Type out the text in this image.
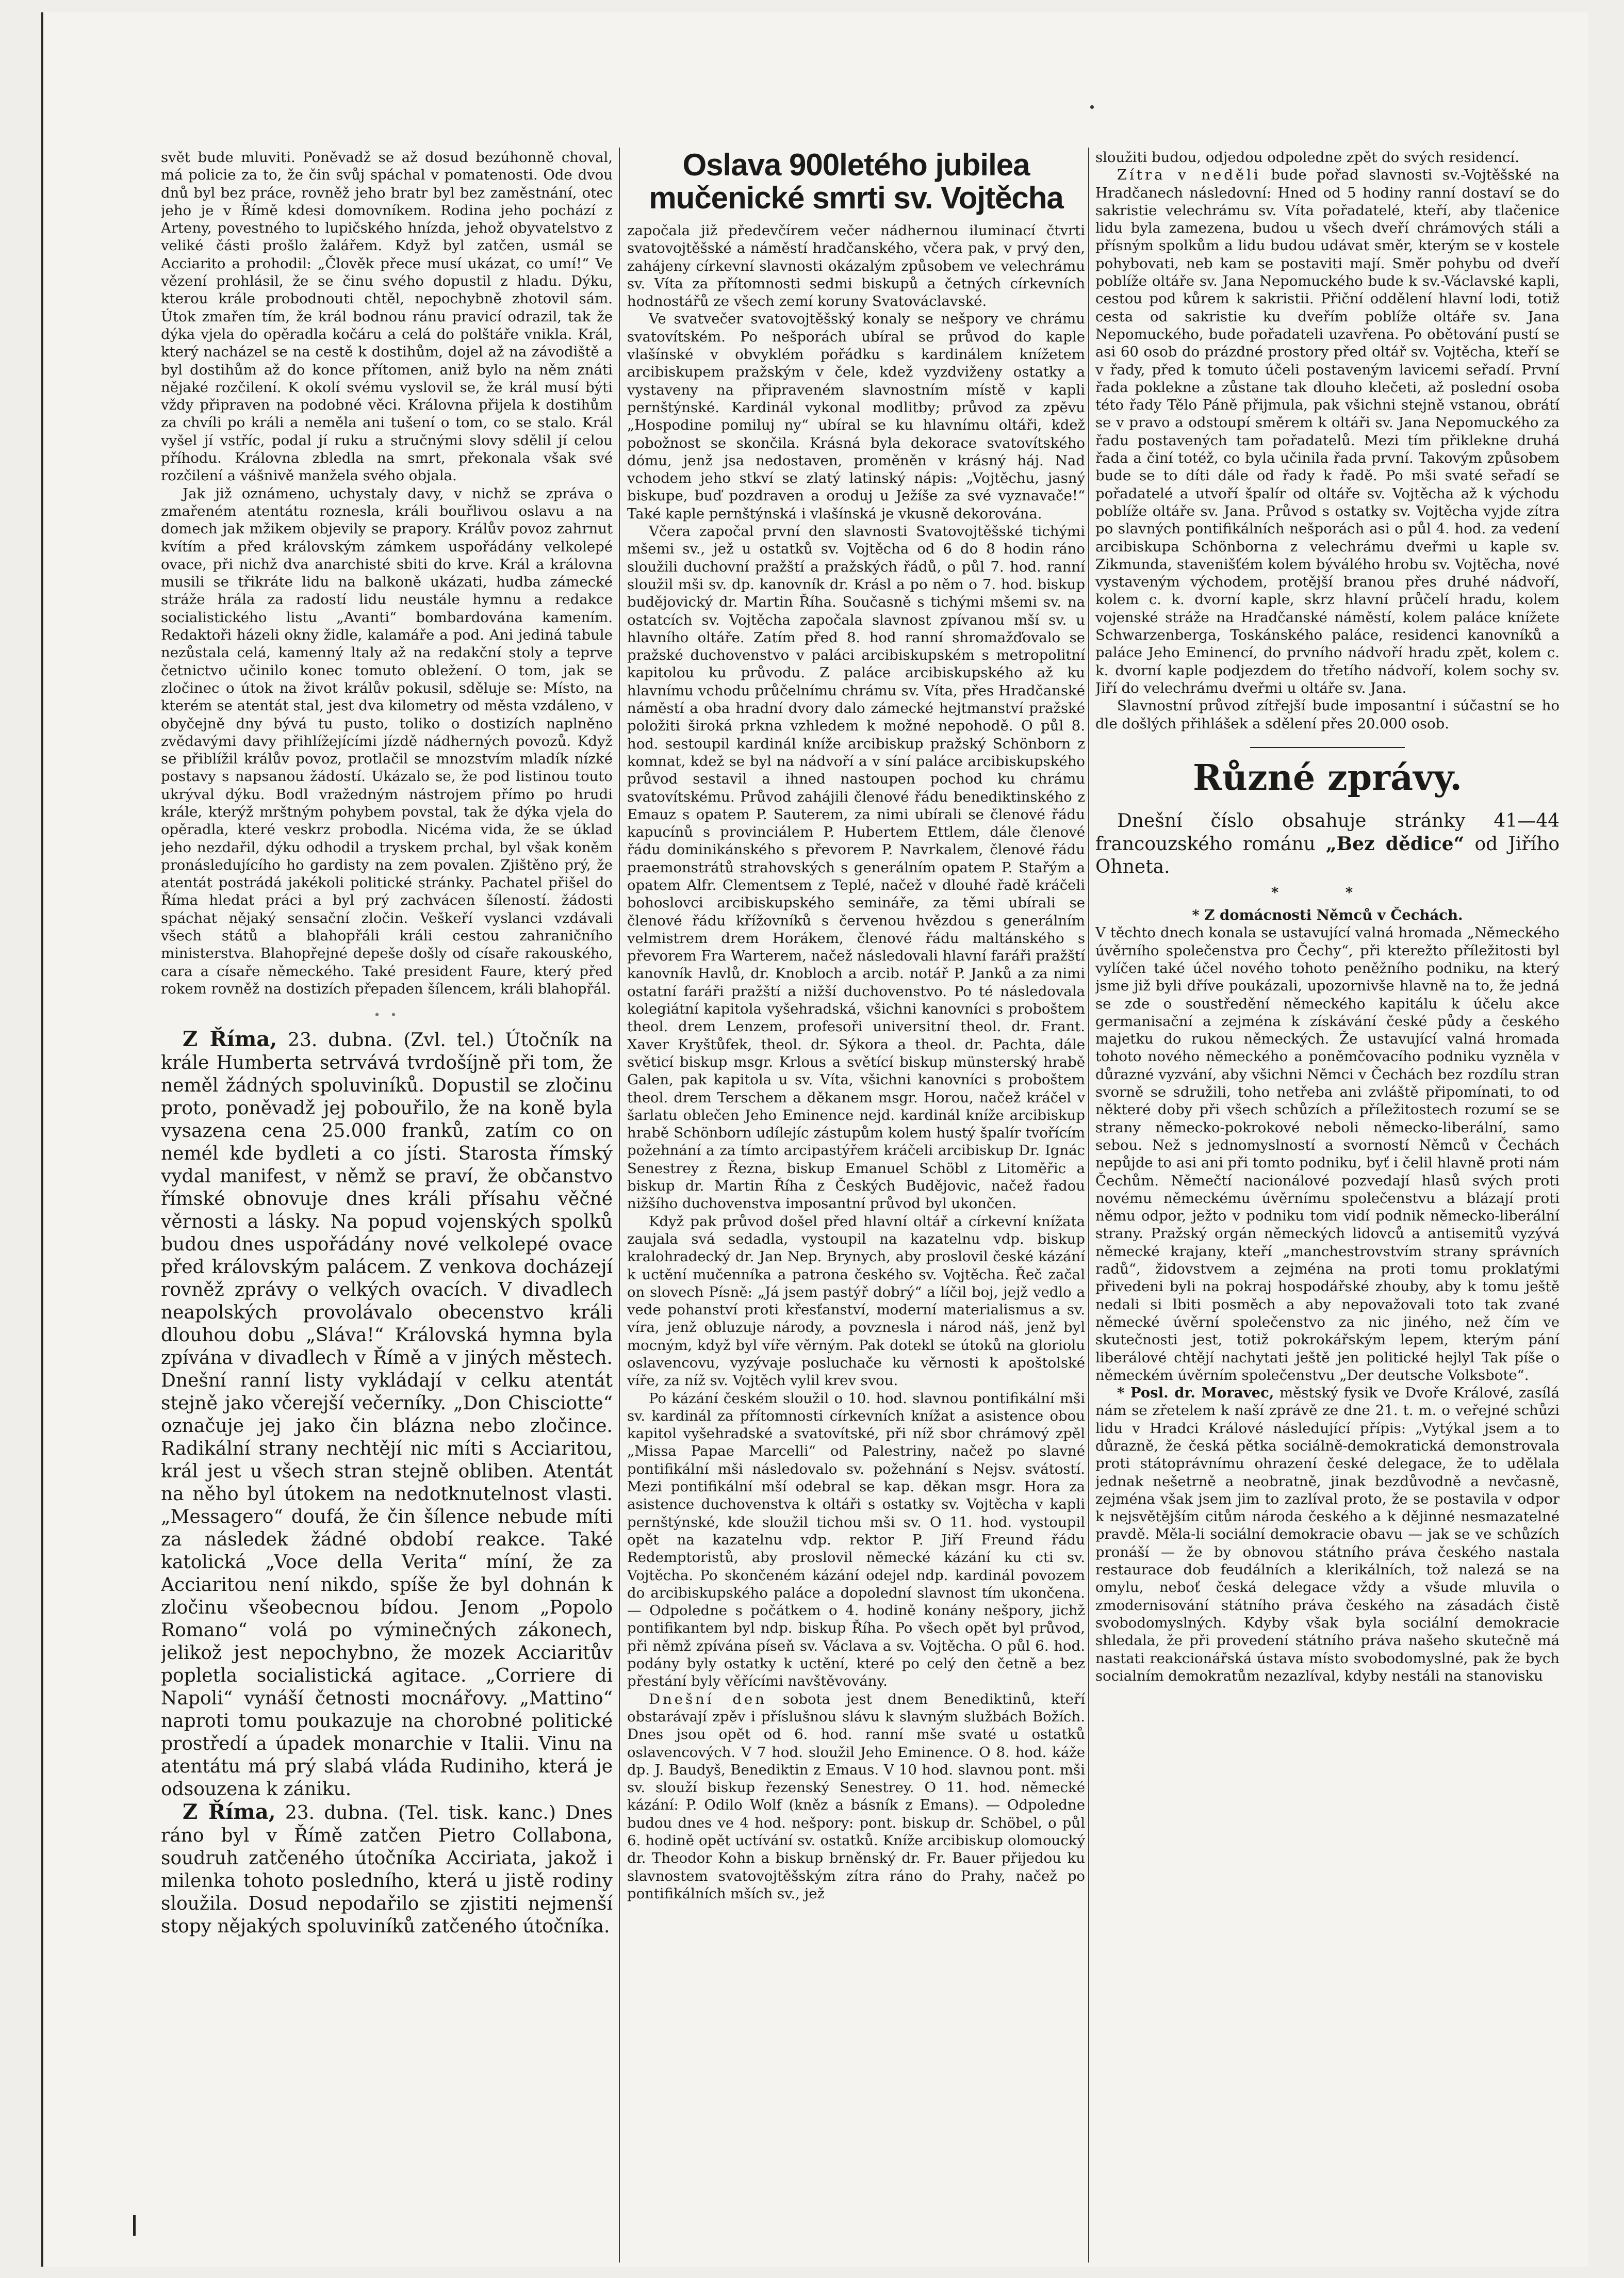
svět bude mluviti. Poněvadž se až dosud bezúhonně choval, má policie za to, že čin svůj spáchal v pomatenosti. Ode dvou dnů byl bez práce, rovněž jeho bratr byl bez zaměstnání, otec jeho je v Římě kdesi domovníkem. Rodina jeho pochází z Arteny, povestného to lupičského hnízda, jehož obyvatelstvo z veliké části prošlo žalářem. Když byl zatčen, usmál se Acciarito a prohodil: „Člověk přece musí ukázat, co umí!“ Ve vězení prohlásil, že se činu svého dopustil z hladu. Dýku, kterou krále probodnouti chtěl, nepochybně zhotovil sám. Útok zmařen tím, že král bodnou ránu pravicí odrazil, tak že dýka vjela do opěradla kočáru a celá do polštáře vnikla. Král, který nacházel se na cestě k dostihům, dojel až na závodiště a byl dostihům až do konce přítomen, aniž bylo na něm znáti nějaké rozčilení. K okolí svému vyslovil se, že král musí býti vždy připraven na podobné věci. Královna přijela k dostihům za chvíli po králi a neměla ani tušení o tom, co se stalo. Král vyšel jí vstříc, podal jí ruku a stručnými slovy sdělil jí celou příhodu. Královna zbledla na smrt, překonala však své rozčilení a vášnivě manžela svého objala.

Jak již oznámeno, uchystaly davy, v nichž se zpráva o zmařeném atentátu roznesla, králi bouřlivou oslavu a na domech jak mžikem objevily se prapory. Králův povoz zahrnut kvítím a před královským zámkem uspořádány velkolepé ovace, při nichž dva anarchisté sbiti do krve. Král a královna musili se třikráte lidu na balkoně ukázati, hudba zámecké stráže hrála za radostí lidu neustále hymnu a redakce socialistického listu „Avanti“ bombardována kamením. Redaktoři házeli okny židle, kalamáře a pod. Ani jediná tabule nezůstala celá, kamenný ltaly až na redakční stoly a teprve četnictvo učinilo konec tomuto obležení. O tom, jak se zločinec o útok na život králův pokusil, sděluje se: Místo, na kterém se atentát stal, jest dva kilometry od města vzdáleno, v obyčejně dny bývá tu pusto, toliko o dostizích naplněno zvědavými davy přihlížejícími jízdě nádherných povozů. Když se přiblížil králův povoz, protlačil se mnozstvím mladík nízké postavy s napsanou žádostí. Ukázalo se, že pod listinou touto ukrýval dýku. Bodl vražedným nástrojem přímo po hrudi krále, kterýž mrštným pohybem povstal, tak že dýka vjela do opěradla, které veskrz probodla. Nicéma vida, že se úklad jeho nezdařil, dýku odhodil a tryskem prchal, byl však koněm pronásledujícího ho gardisty na zem povalen. Zjištěno prý, že atentát postrádá jakékoli politické stránky. Pachatel přišel do Říma hledat práci a byl prý zachvácen šíleností. žádosti spáchat nějaký sensační zločin. Veškeří vyslanci vzdávali všech států a blahopřáli králi cestou zahraničního ministerstva. Blahopřejné depeše došly od císaře rakouského, cara a císaře německého. Také president Faure, který před rokem rovněž na dostizích přepaden šílencem, králi blahopřál.

• •

Z Říma, 23. dubna. (Zvl. tel.) Útočník na krále Humberta setrvává tvrdošíjně při tom, že neměl žádných spoluviníků. Dopustil se zločinu proto, poněvadž jej pobouřilo, že na koně byla vysazena cena 25.000 franků, zatím co on nemél kde bydleti a co jísti. Starosta římský vydal manifest, v němž se praví, že občanstvo římské obnovuje dnes králi přísahu věčné věrnosti a lásky. Na popud vojenských spolků budou dnes uspořádány nové velkolepé ovace před královským palácem. Z venkova docházejí rovněž zprávy o velkých ovacích. V divadlech neapolských provolávalo obecenstvo králi dlouhou dobu „Sláva!“ Královská hymna byla zpívána v divadlech v Římě a v jiných městech. Dnešní ranní listy vykládají v celku atentát stejně jako včerejší večerníky. „Don Chisciotte“ označuje jej jako čin blázna nebo zločince. Radikální strany nechtějí nic míti s Acciaritou, král jest u všech stran stejně obliben. Atentát na něho byl útokem na nedotknutelnost vlasti. „Messagero“ doufá, že čin šílence nebude míti za následek žádné období reakce. Také katolická „Voce della Verita“ míní, že za Acciaritou není nikdo, spíše že byl dohnán k zločinu všeobecnou bídou. Jenom „Popolo Romano“ volá po výminečných zákonech, jelikož jest nepochybno, že mozek Acciaritův popletla socialistická agitace. „Corriere di Napoli“ vynáší četnosti mocnářovy. „Mattino“ naproti tomu poukazuje na chorobné politické prostředí a úpadek monarchie v Italii. Vinu na atentátu má prý slabá vláda Rudiniho, která je odsouzena k zániku.

Z Říma, 23. dubna. (Tel. tisk. kanc.) Dnes ráno byl v Římě zatčen Pietro Collabona, soudruh zatčeného útočníka Acciriata, jakož i milenka tohoto posledního, která u jistě rodiny sloužila. Dosud nepodařilo se zjistiti nejmenší stopy nějakých spoluviníků zatčeného útočníka.

Oslava 900letého jubilea mučenické smrti sv. Vojtěcha

započala již předevčírem večer nádhernou iluminací čtvrti svatovojtěšské a náměstí hradčanského, včera pak, v prvý den, zahájeny církevní slavnosti okázalým způsobem ve velechrámu sv. Víta za přítomnosti sedmi biskupů a četných církevních hodnostářů ze všech zemí koruny Svatováclavské.

Ve svatvečer svatovojtěšský konaly se nešpory ve chrámu svatovítském. Po nešporách ubíral se průvod do kaple vlašínské v obvyklém pořádku s kardinálem knížetem arcibiskupem pražským v čele, kdež vyzdviženy ostatky a vystaveny na připraveném slavnostním místě v kapli pernštýnské. Kardinál vykonal modlitby; průvod za zpěvu „Hospodine pomiluj ny“ ubíral se ku hlavnímu oltáři, kdež pobožnost se skončila. Krásná byla dekorace svatovítského dómu, jenž jsa nedostaven, proměněn v krásný háj. Nad vchodem jeho stkví se zlatý latinský nápis: „Vojtěchu, jasný biskupe, buď pozdraven a oroduj u Ježíše za své vyznavače!“ Také kaple pernštýnská i vlašínská je vkusně dekorována.

Včera započal první den slavnosti Svatovojtěšské tichými mšemi sv., jež u ostatků sv. Vojtěcha od 6 do 8 hodin ráno sloužili duchovní pražští a pražských řádů, o půl 7. hod. ranní sloužil mši sv. dp. kanovník dr. Krásl a po něm o 7. hod. biskup budějovický dr. Martin Říha. Současně s tichými mšemi sv. na ostatcích sv. Vojtěcha započala slavnost zpívanou mší sv. u hlavního oltáře. Zatím před 8. hod ranní shromažďovalo se pražské duchovenstvo v paláci arcibiskupském s metropolitní kapitolou ku průvodu. Z paláce arcibiskupského až ku hlavnímu vchodu průčelnímu chrámu sv. Víta, přes Hradčanské náměstí a oba hradní dvory dalo zámecké hejtmanství pražské položiti široká prkna vzhledem k možné nepohodě. O půl 8. hod. sestoupil kardinál kníže arcibiskup pražský Schönborn z komnat, kdež se byl na nádvoří a v síní paláce arcibiskupského průvod sestavil a ihned nastoupen pochod ku chrámu svatovítskému. Průvod zahájili členové řádu benediktinského z Emauz s opatem P. Sauterem, za nimi ubírali se členové řádu kapucínů s provinciálem P. Hubertem Ettlem, dále členové řádu dominikánského s převorem P. Navrkalem, členové řádu praemonstrátů strahovských s generálním opatem P. Stařým a opatem Alfr. Clementsem z Teplé, načež v dlouhé řadě kráčeli bohoslovci arcibiskupského semináře, za těmi ubírali se členové řádu křížovníků s červenou hvězdou s generálním velmistrem drem Horákem, členové řádu maltánského s převorem Fra Warterem, načež následovali hlavní faráři pražští kanovník Havlů, dr. Knobloch a arcib. notář P. Janků a za nimi ostatní faráři pražští a nižší duchovenstvo. Po té následovala kolegiátní kapitola vyšehradská, všichni kanovníci s proboštem theol. drem Lenzem, profesoři universitní theol. dr. Frant. Xaver Kryštůfek, theol. dr. Sýkora a theol. dr. Pachta, dále světicí biskup msgr. Krlous a světící biskup münsterský hrabě Galen, pak kapitola u sv. Víta, všichni kanovníci s proboštem theol. drem Terschem a děkanem msgr. Horou, načež kráčel v šarlatu oblečen Jeho Eminence nejd. kardinál kníže arcibiskup hrabě Schönborn udílejíc zástupům kolem hustý špalír tvořícím požehnání a za tímto arcipastýřem kráčeli arcibiskup Dr. Ignác Senestrey z Řezna, biskup Emanuel Schöbl z Litoměřic a biskup dr. Martin Říha z Českých Budějovic, načež řadou nižšího duchovenstva imposantní průvod byl ukončen.

Když pak průvod došel před hlavní oltář a církevní knížata zaujala svá sedadla, vystoupil na kazatelnu vdp. biskup kralohradecký dr. Jan Nep. Brynych, aby proslovil české kázání k uctění mučenníka a patrona českého sv. Vojtěcha. Řeč začal on slovech Písně: „Já jsem pastýř dobrý“ a líčil boj, jejž vedlo a vede pohanství proti křesťanství, moderní materialismus a sv. víra, jenž obluzuje národy, a povznesla i národ náš, jenž byl mocným, když byl víře věrným. Pak dotekl se útoků na gloriolu oslavencovu, vyzývaje posluchače ku věrnosti k apoštolské víře, za níž sv. Vojtěch vylil krev svou.

Po kázání českém sloužil o 10. hod. slavnou pontifikální mši sv. kardinál za přítomnosti církevních knížat a asistence obou kapitol vyšehradské a svatovítské, při níž sbor chrámový zpěl „Missa Papae Marcelli“ od Palestriny, načež po slavné pontifikální mši následovalo sv. požehnání s Nejsv. svátostí. Mezi pontifikální mší odebral se kap. děkan msgr. Hora za asistence duchovenstva k oltáři s ostatky sv. Vojtěcha v kapli pernštýnské, kde sloužil tichou mši sv. O 11. hod. vystoupil opět na kazatelnu vdp. rektor P. Jiří Freund řádu Redemptoristů, aby proslovil německé kázání ku cti sv. Vojtěcha. Po skončeném kázání odejel ndp. kardinál povozem do arcibiskupského paláce a dopolední slavnost tím ukončena. — Odpoledne s počátkem o 4. hodině konány nešpory, jichž pontifikantem byl ndp. biskup Říha. Po všech opět byl průvod, při němž zpívána píseň sv. Václava a sv. Vojtěcha. O půl 6. hod. podány byly ostatky k uctění, které po celý den četně a bez přestání byly věřícími navštěvovány.

Dnešní den sobota jest dnem Benediktinů, kteří obstarávají zpěv i příslušnou slávu k slavným službách Božích. Dnes jsou opět od 6. hod. ranní mše svaté u ostatků oslavencových. V 7 hod. sloužil Jeho Eminence. O 8. hod. káže dp. J. Baudyš, Benediktin z Emaus. V 10 hod. slavnou pont. mši sv. slouží biskup řezenský Senestrey. O 11. hod. německé kázání: P. Odilo Wolf (kněz a básník z Emans). — Odpoledne budou dnes ve 4 hod. nešpory: pont. biskup dr. Schöbel, o půl 6. hodině opět uctívání sv. ostatků. Kníže arcibiskup olomoucký dr. Theodor Kohn a biskup brněnský dr. Fr. Bauer přijedou ku slavnostem svatovojtěšským zítra ráno do Prahy, načež po pontifikálních mších sv., jež

sloužiti budou, odjedou odpoledne zpět do svých residencí.

Zítra v neděli bude pořad slavnosti sv.-Vojtěšské na Hradčanech následovní: Hned od 5 hodiny ranní dostaví se do sakristie velechrámu sv. Víta pořadatelé, kteří, aby tlačenice lidu byla zamezena, budou u všech dveří chrámových stáli a přísným spolkům a lidu budou udávat směr, kterým se v kostele pohybovati, neb kam se postaviti mají. Směr pohybu od dveří poblíže oltáře sv. Jana Nepomuckého bude k sv.-Václavské kapli, cestou pod kůrem k sakristii. Přiční oddělení hlavní lodi, totiž cesta od sakristie ku dveřím poblíže oltáře sv. Jana Nepomuckého, bude pořadateli uzavřena. Po obětování pustí se asi 60 osob do prázdné prostory před oltář sv. Vojtěcha, kteří se v řady, před k tomuto účeli postaveným lavicemi seřadí. První řada poklekne a zůstane tak dlouho klečeti, až poslední osoba této řady Tělo Páně přijmula, pak všichni stejně vstanou, obrátí se v pravo a odstoupí směrem k oltáři sv. Jana Nepomuckého za řadu postavených tam pořadatelů. Mezi tím přiklekne druhá řada a činí totéž, co byla učinila řada první. Takovým způsobem bude se to díti dále od řady k řadě. Po mši svaté seřadí se pořadatelé a utvoří špalír od oltáře sv. Vojtěcha až k východu poblíže oltáře sv. Jana. Průvod s ostatky sv. Vojtěcha vyjde zítra po slavných pontifikálních nešporách asi o půl 4. hod. za vedení arcibiskupa Schönborna z velechrámu dveřmi u kaple sv. Zikmunda, stavenišťém kolem býválého hrobu sv. Vojtěcha, nové vystaveným východem, protější branou přes druhé nádvoří, kolem c. k. dvorní kaple, skrz hlavní průčelí hradu, kolem vojenské stráže na Hradčanské náměstí, kolem paláce knížete Schwarzenberga, Toskánského paláce, residenci kanovníků a paláce Jeho Eminencí, do prvního nádvoří hradu zpět, kolem c. k. dvorní kaple podjezdem do třetího nádvoří, kolem sochy sv. Jiří do velechrámu dveřmi u oltáře sv. Jana.

Slavnostní průvod zítřejší bude imposantní i súčastní se ho dle došlých přihlášek a sdělení přes 20.000 osob.

Různé zprávy.

Dnešní číslo obsahuje stránky 41—44 francouzského románu „Bez dědice“ od Jiřího Ohneta.

* *
* Z domácnosti Němců v Čechách.

V těchto dnech konala se ustavující valná hromada „Německého úvěrního společenstva pro Čechy“, při kterežto příležitosti byl vylíčen také účel nového tohoto peněžního podniku, na který jsme již byli dříve poukázali, upozornivše hlavně na to, že jedná se zde o soustředění německého kapitálu k účelu akce germanisační a zejména k získávání české půdy a českého majetku do rukou německých. Že ustavující valná hromada tohoto nového německého a poněmčovacího podniku vyzněla v důrazné vyzvání, aby všichni Němci v Čechách bez rozdílu stran svorně se sdružili, toho netřeba ani zvláště připomínati, to od některé doby při všech schůzích a příležitostech rozumí se se strany německo-pokrokové neboli německo-liberální, samo sebou. Než s jednomyslností a svorností Němců v Čechách nepůjde to asi ani při tomto podniku, byť i čelil hlavně proti nám Čechům. Němečtí nacionálové pozvedají hlasů svých proti novému německému úvěrnímu společenstvu a blázají proti němu odpor, ježto v podniku tom vidí podnik německo-liberální strany. Pražský orgán německých lidovců a antisemitů vyzývá německé krajany, kteří „manchestrovstvím strany správních radů“, židovstvem a zejména na proti tomu proklatými přivedeni byli na pokraj hospodářské zhouby, aby k tomu ještě nedali si lbiti posměch a aby nepovažovali toto tak zvané německé úvěrní společenstvo za nic jiného, než čím ve skutečnosti jest, totiž pokrokářským lepem, kterým pání liberálové chtějí nachytati ještě jen politické hejlyl Tak píše o německém úvěrním společenstvu „Der deutsche Volksbote“.

* Posl. dr. Moravec, městský fysik ve Dvoře Králové, zasílá nám se zřetelem k naší zprávě ze dne 21. t. m. o veřejné schůzi lidu v Hradci Králové následující přípis: „Vytýkal jsem a to důrazně, že česká pětka sociálně-demokratická demonstrovala proti státoprávnímu ohrazení české delegace, že to udělala jednak nešetrně a neobratně, jinak bezdůvodně a nevčasně, zejména však jsem jim to zazlíval proto, že se postavila v odpor k nejsvětějším citům národa českého a k dějinné nesmazatelné pravdě. Měla-li sociální demokracie obavu — jak se ve schůzích pronáší — že by obnovou státního práva českého nastala restaurace dob feudálních a klerikálních, tož nalezá se na omylu, neboť česká delegace vždy a všude mluvila o zmodernisování státního práva českého na zásadách čistě svobodomyslných. Kdyby však byla sociální demokracie shledala, že při provedení státního práva našeho skutečně má nastati reakcionářská ústava místo svobodomyslné, pak že bych socialním demokratům nezazlíval, kdyby nestáli na stanovisku
